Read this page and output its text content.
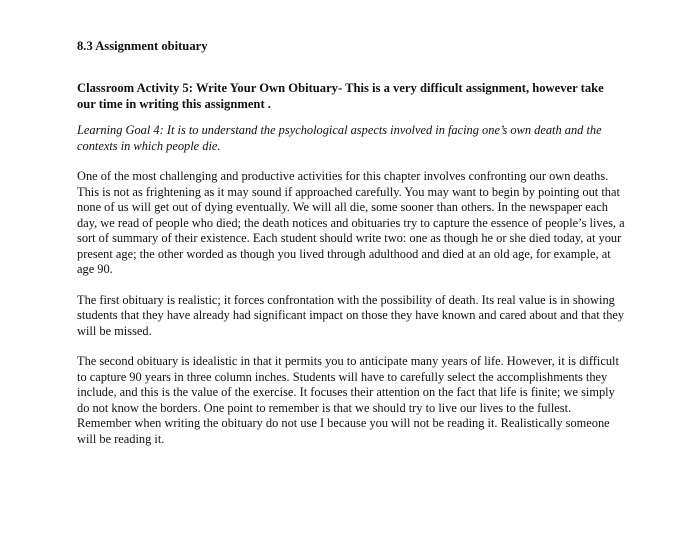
8.3 Assignment obituary

Classroom Activity 5: Write Your Own Obituary- This is a very difficult assignment, however take our time in writing this assignment .

Learning Goal 4: It is to understand the psychological aspects involved in facing one’s own death and the contexts in which people die.

One of the most challenging and productive activities for this chapter involves confronting our own deaths. This is not as frightening as it may sound if approached carefully. You may want to begin by pointing out that none of us will get out of dying eventually. We will all die, some sooner than others. In the newspaper each day, we read of people who died; the death notices and obituaries try to capture the essence of people’s lives, a sort of summary of their existence. Each student should write two: one as though he or she died today, at your present age; the other worded as though you lived through adulthood and died at an old age, for example, at age 90.

The first obituary is realistic; it forces confrontation with the possibility of death. Its real value is in showing students that they have already had significant impact on those they have known and cared about and that they will be missed.

The second obituary is idealistic in that it permits you to anticipate many years of life. However, it is difficult to capture 90 years in three column inches. Students will have to carefully select the accomplishments they include, and this is the value of the exercise. It focuses their attention on the fact that life is finite; we simply do not know the borders. One point to remember is that we should try to live our lives to the fullest. Remember when writing the obituary do not use I because you will not be reading it. Realistically someone will be reading it.
